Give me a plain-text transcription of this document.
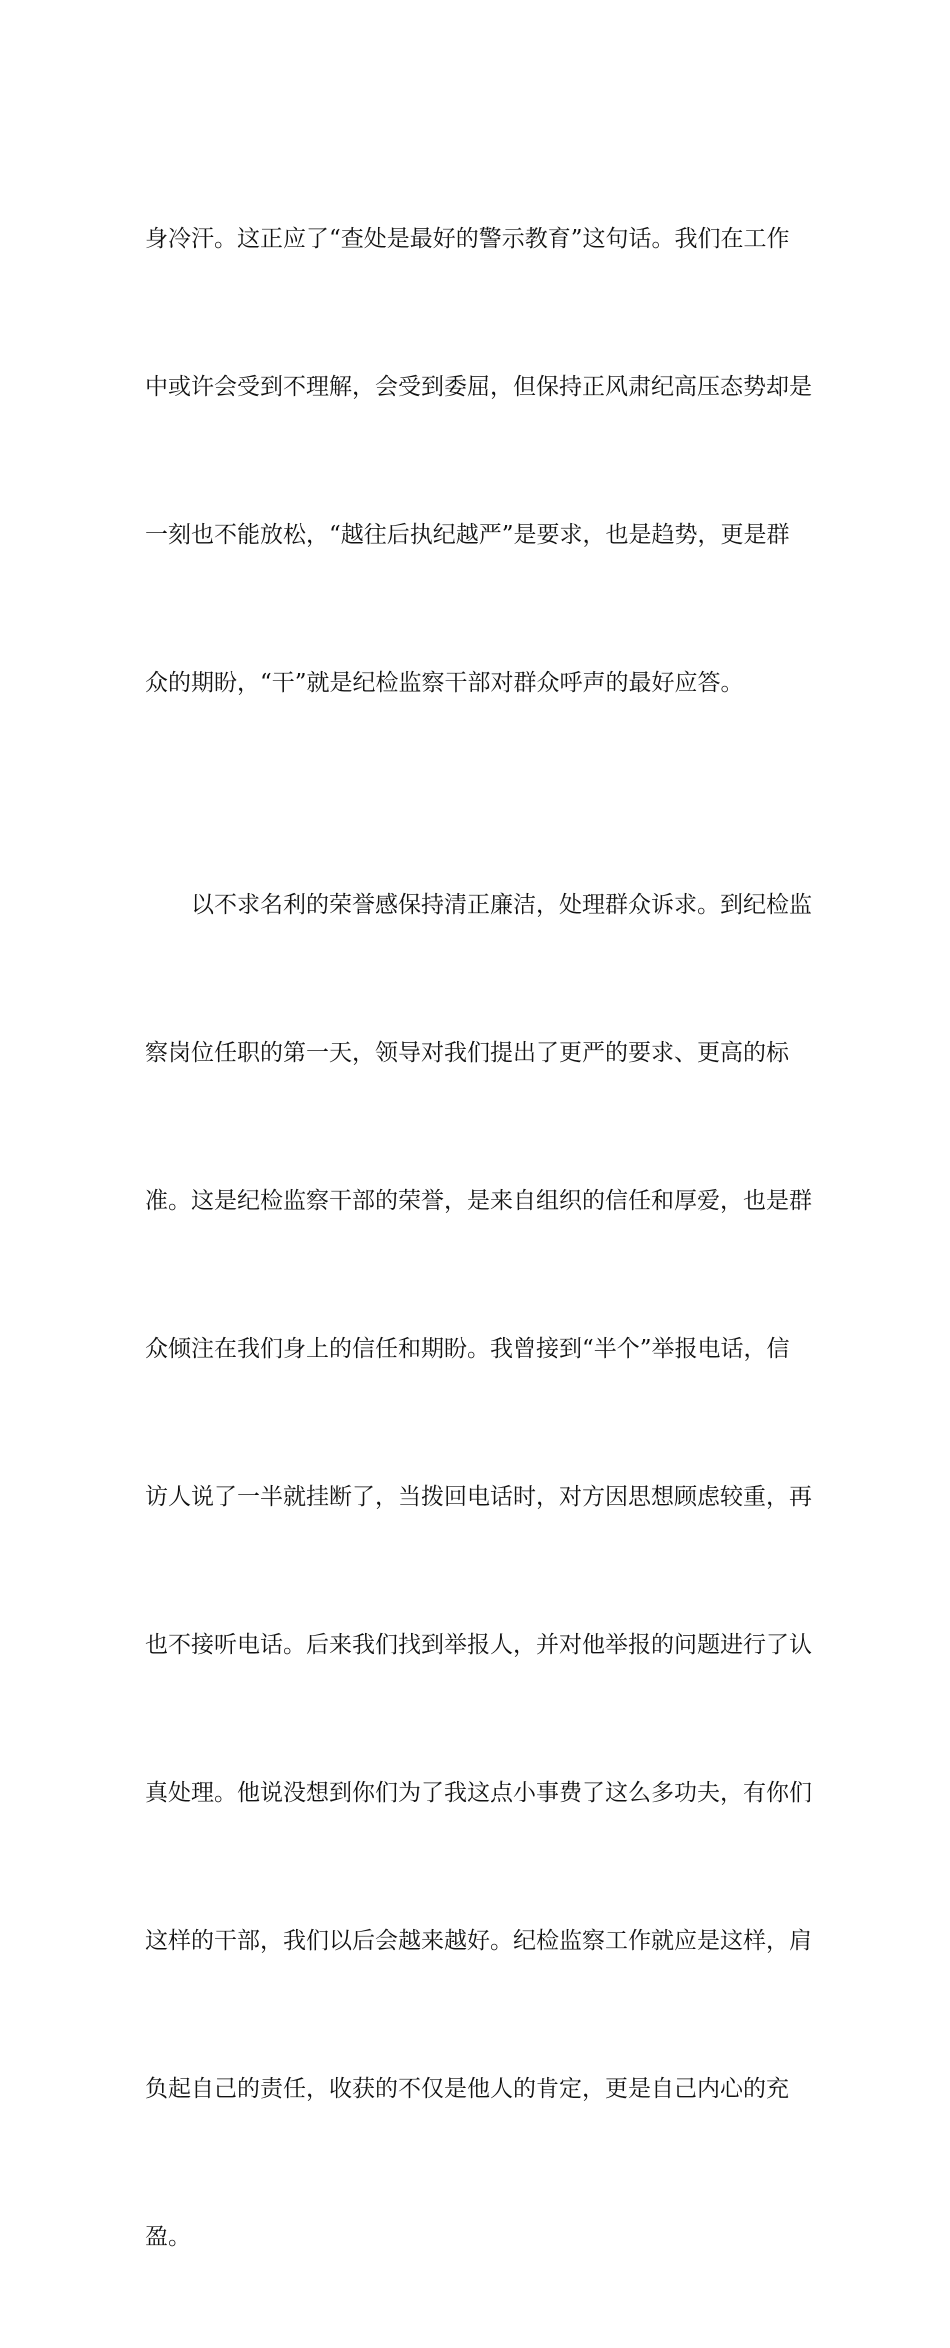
身冷汗。这正应了“查处是最好的警示教育”这句话。我们在工作

中或许会受到不理解，会受到委屈，但保持正风肃纪高压态势却是

一刻也不能放松，“越往后执纪越严”是要求，也是趋势，更是群

众的期盼，“干”就是纪检监察干部对群众呼声的最好应答。

　　以不求名利的荣誉感保持清正廉洁，处理群众诉求。到纪检监

察岗位任职的第一天，领导对我们提出了更严的要求、更高的标

准。这是纪检监察干部的荣誉，是来自组织的信任和厚爱，也是群

众倾注在我们身上的信任和期盼。我曾接到“半个”举报电话，信

访人说了一半就挂断了，当拨回电话时，对方因思想顾虑较重，再

也不接听电话。后来我们找到举报人，并对他举报的问题进行了认

真处理。他说没想到你们为了我这点小事费了这么多功夫，有你们

这样的干部，我们以后会越来越好。纪检监察工作就应是这样，肩

负起自己的责任，收获的不仅是他人的肯定，更是自己内心的充

盈。
